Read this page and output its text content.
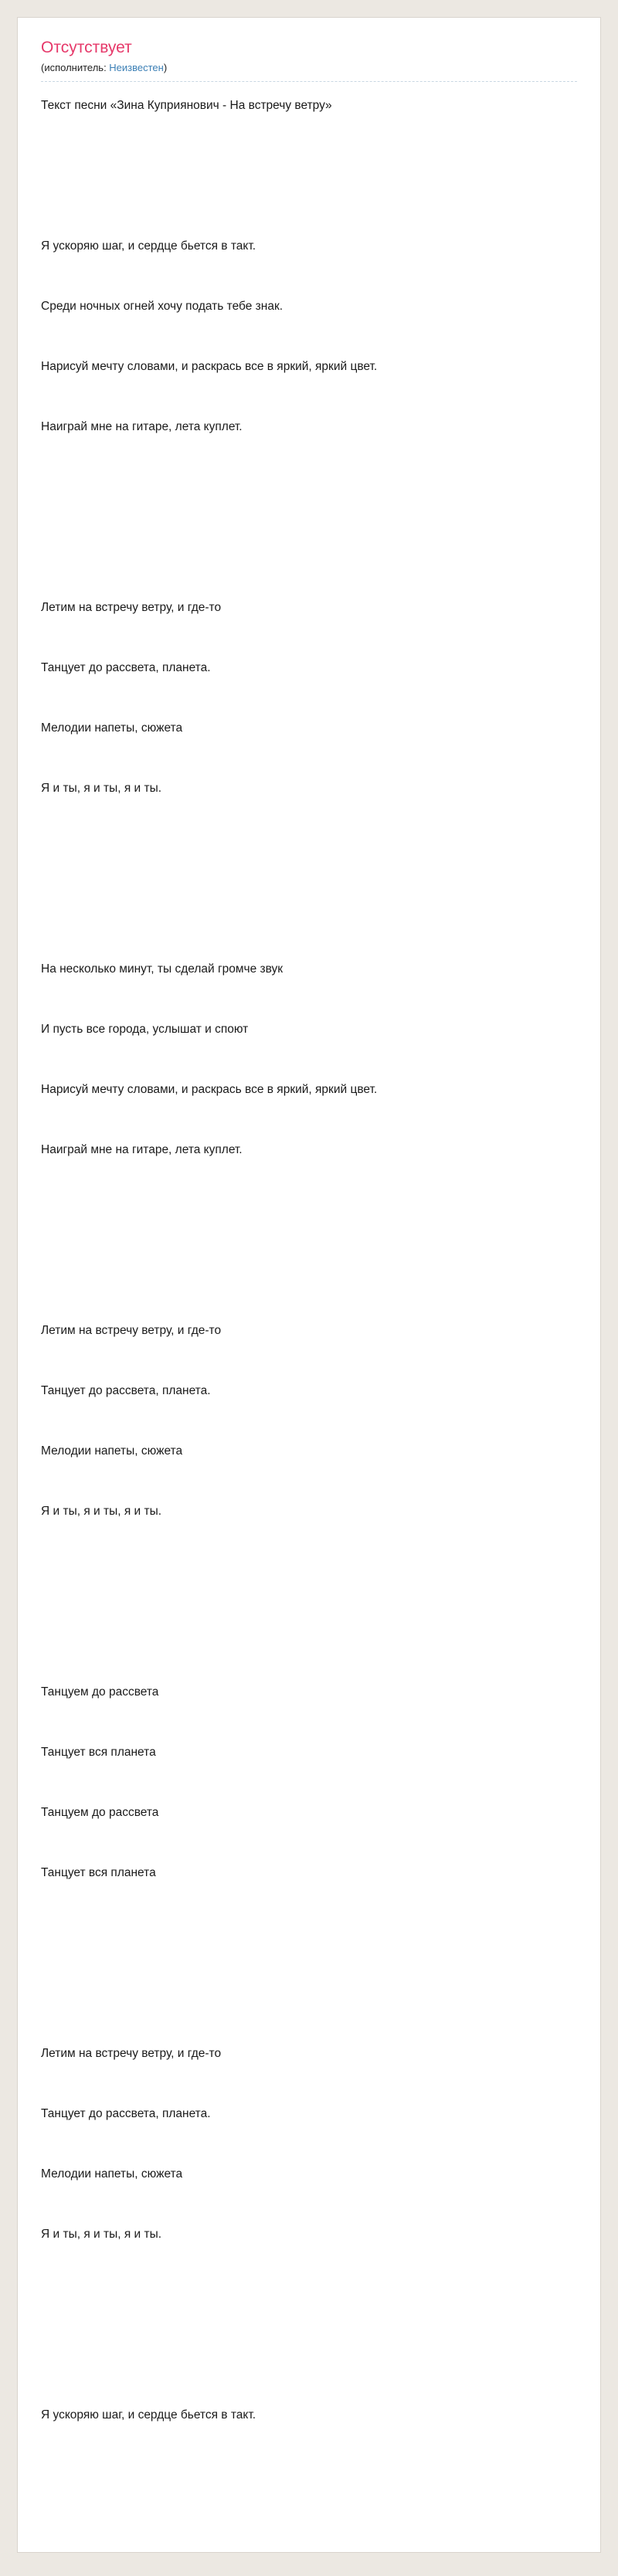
Отсутствует
(исполнитель: Неизвестен)
Текст песни «Зина Куприянович - На встречу ветру»

Я ускоряю шаг, и сердце бьется в такт.

Среди ночных огней хочу подать тебе знак.

Нарисуй мечту словами, и раскрась все в яркий, яркий цвет.

Наиграй мне на гитаре, лета куплет.

Летим на встречу ветру, и где-то

Танцует до рассвета, планета.

Мелодии напеты, сюжета

Я и ты, я и ты, я и ты.

На несколько минут, ты сделай громче звук

И пусть все города, услышат и споют

Нарисуй мечту словами, и раскрась все в яркий, яркий цвет.

Наиграй мне на гитаре, лета куплет.

Летим на встречу ветру, и где-то

Танцует до рассвета, планета.

Мелодии напеты, сюжета

Я и ты, я и ты, я и ты.

Танцуем до рассвета

Танцует вся планета

Танцуем до рассвета

Танцует вся планета

Летим на встречу ветру, и где-то

Танцует до рассвета, планета.

Мелодии напеты, сюжета

Я и ты, я и ты, я и ты.

Я ускоряю шаг, и сердце бьется в такт.
